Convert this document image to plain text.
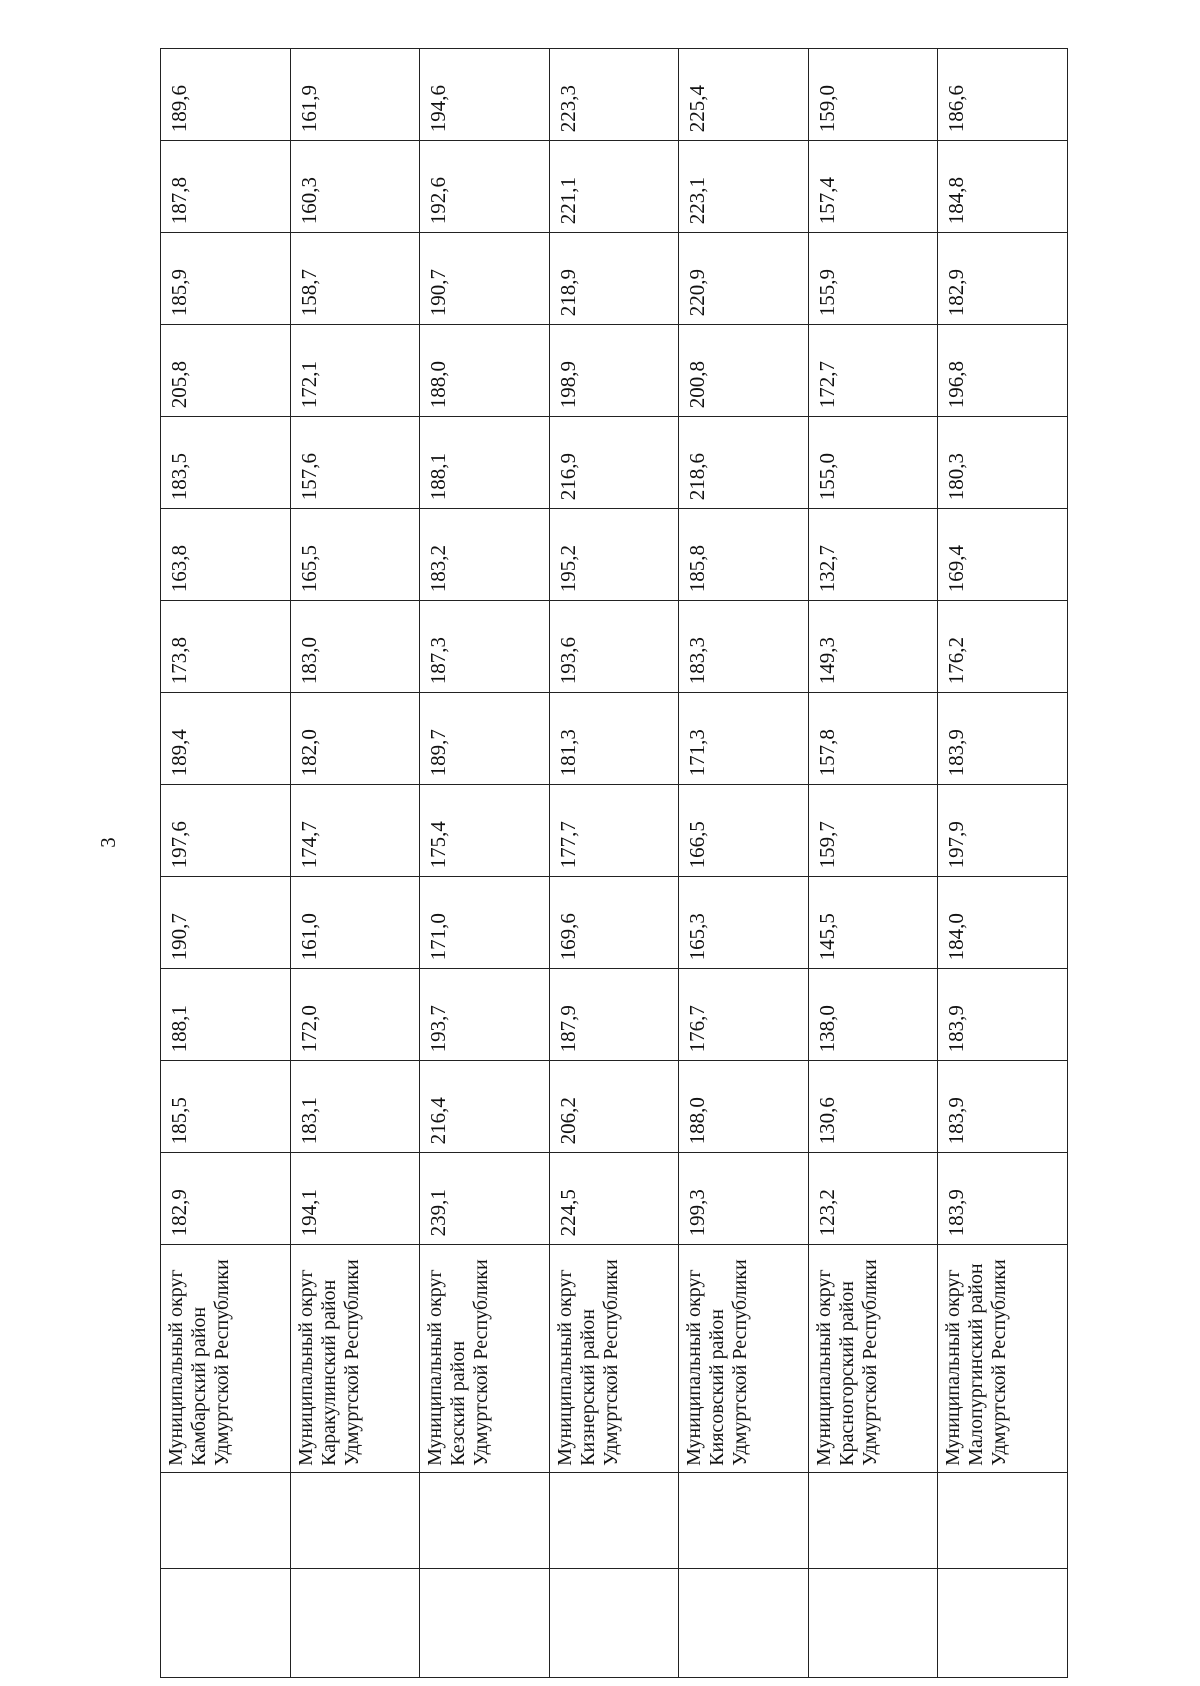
3
		Муниципальный округ Камбарский район Удмуртской Республики	182,9	185,5	188,1	190,7	197,6	189,4	173,8	163,8	183,5	205,8	185,9	187,8	189,6
		Муниципальный округ Каракулинский район Удмуртской Республики	194,1	183,1	172,0	161,0	174,7	182,0	183,0	165,5	157,6	172,1	158,7	160,3	161,9
		Муниципальный округ Кезский район Удмуртской Республики	239,1	216,4	193,7	171,0	175,4	189,7	187,3	183,2	188,1	188,0	190,7	192,6	194,6
		Муниципальный округ Кизнерский район Удмуртской Республики	224,5	206,2	187,9	169,6	177,7	181,3	193,6	195,2	216,9	198,9	218,9	221,1	223,3
		Муниципальный округ Киясовский район Удмуртской Республики	199,3	188,0	176,7	165,3	166,5	171,3	183,3	185,8	218,6	200,8	220,9	223,1	225,4
		Муниципальный округ Красногорский район Удмуртской Республики	123,2	130,6	138,0	145,5	159,7	157,8	149,3	132,7	155,0	172,7	155,9	157,4	159,0
		Муниципальный округ Малопургинский район Удмуртской Республики	183,9	183,9	183,9	184,0	197,9	183,9	176,2	169,4	180,3	196,8	182,9	184,8	186,6
